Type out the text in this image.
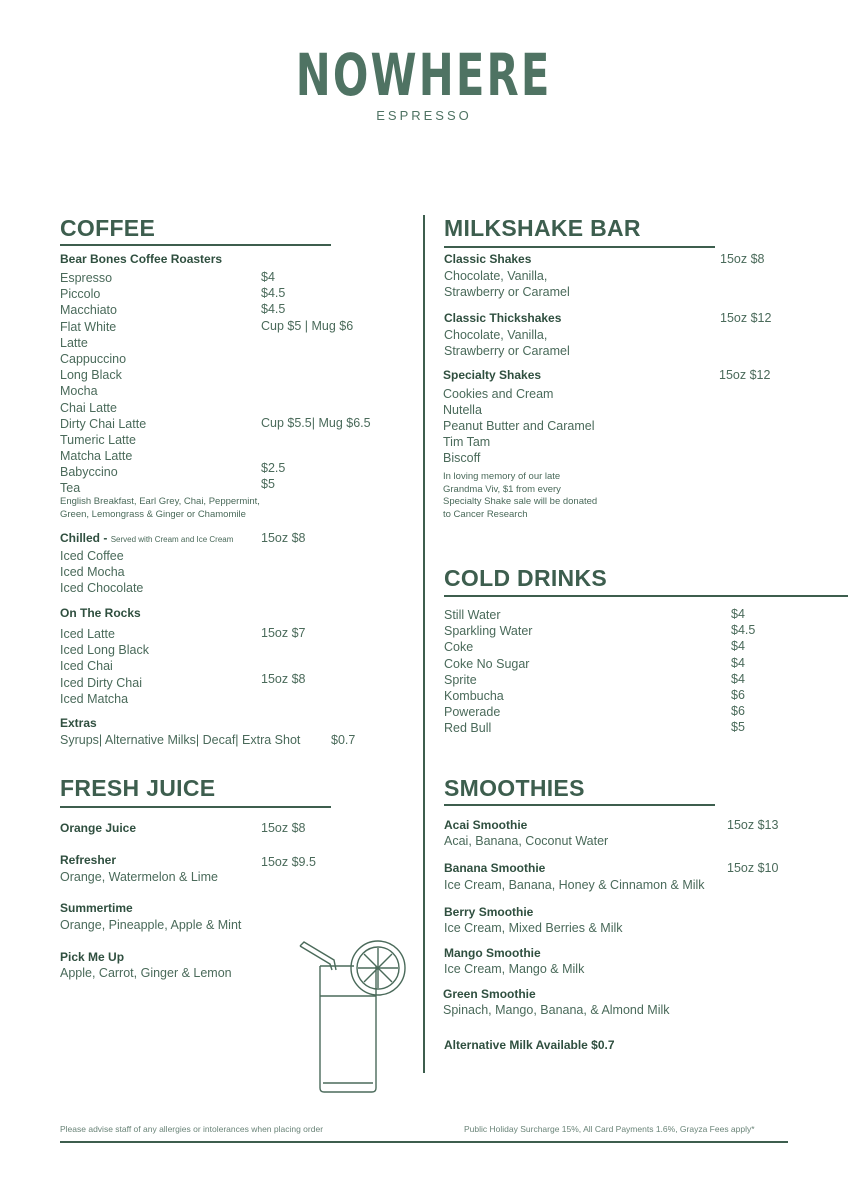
NOWHERE
ESPRESSO
COFFEE
Bear Bones Coffee Roasters
Espresso	$4
Piccolo	$4.5
Macchiato	$4.5
Flat White	Cup $5 | Mug $6
Latte
Cappuccino
Long Black
Mocha
Chai Latte
Dirty Chai Latte	Cup $5.5| Mug $6.5
Tumeric Latte
Matcha Latte
Babyccino	$2.5
Tea	$5
English Breakfast, Earl Grey, Chai, Peppermint,
Green, Lemongrass & Ginger or Chamomile
Chilled - Served with Cream and Ice Cream 15oz $8
Iced Coffee
Iced Mocha
Iced Chocolate
On The Rocks
Iced Latte	15oz $7
Iced Long Black
Iced Chai
Iced Dirty Chai	15oz $8
Iced Matcha
Extras
Syrups| Alternative Milks| Decaf| Extra Shot $0.7
FRESH JUICE
Orange Juice	15oz $8
Refresher	15oz $9.5
Orange, Watermelon & Lime
Summertime
Orange, Pineapple, Apple & Mint
Pick Me Up
Apple, Carrot, Ginger & Lemon
MILKSHAKE BAR
Classic Shakes	15oz $8
Chocolate, Vanilla,
Strawberry or Caramel
Classic Thickshakes	15oz $12
Chocolate, Vanilla,
Strawberry or Caramel
Specialty Shakes	15oz $12
Cookies and Cream
Nutella
Peanut Butter and Caramel
Tim Tam
Biscoff
In loving memory of our late
Grandma Viv, $1 from every
Specialty Shake sale will be donated
to Cancer Research
COLD DRINKS
Still Water	$4
Sparkling Water	$4.5
Coke	$4
Coke No Sugar	$4
Sprite	$4
Kombucha	$6
Powerade	$6
Red Bull	$5
SMOOTHIES
Acai Smoothie	15oz $13
Acai, Banana, Coconut Water
Banana Smoothie	15oz $10
Ice Cream, Banana, Honey & Cinnamon & Milk
Berry Smoothie
Ice Cream, Mixed Berries & Milk
Mango Smoothie
Ice Cream, Mango & Milk
Green Smoothie
Spinach, Mango, Banana, & Almond Milk
Alternative Milk Available $0.7
Please advise staff of any allergies or intolerances when placing order	Public Holiday Surcharge 15%, All Card Payments 1.6%, Grayza Fees apply*
